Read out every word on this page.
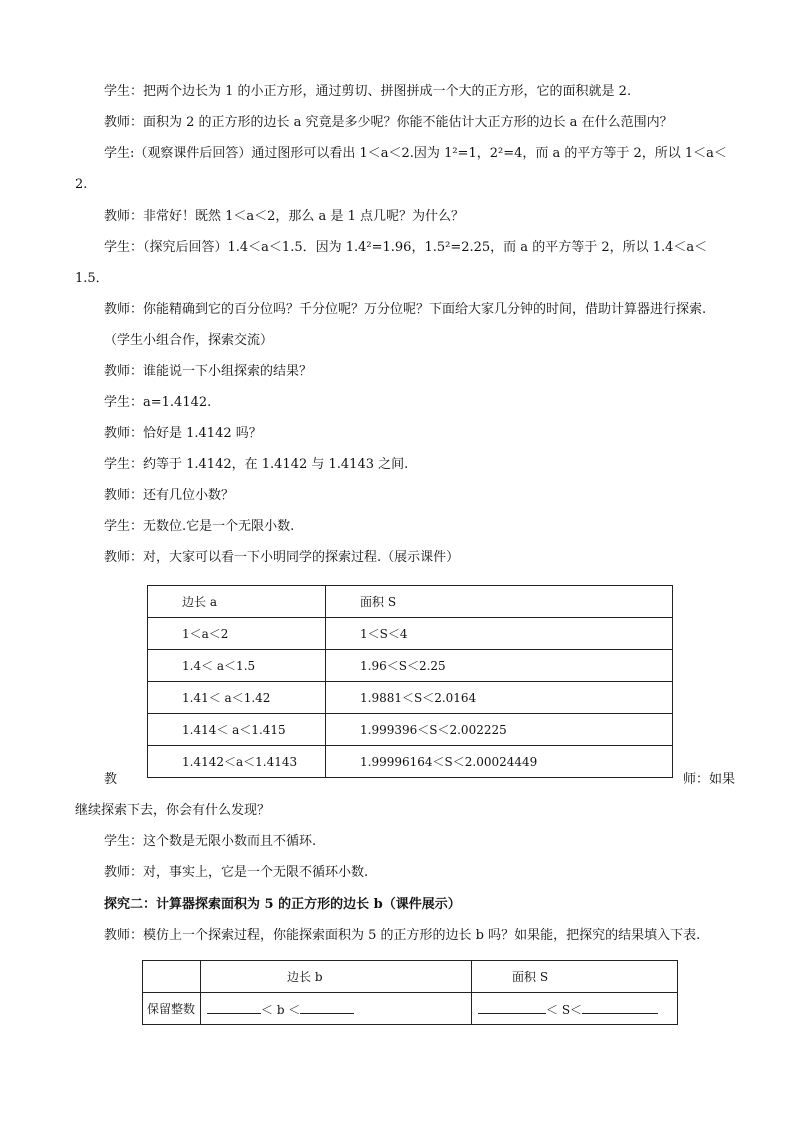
学生：把两个边长为 1 的小正方形，通过剪切、拼图拼成一个大的正方形，它的面积就是 2.
教师：面积为 2 的正方形的边长 a 究竟是多少呢？你能不能估计大正方形的边长 a 在什么范围内？
学生:（观察课件后回答）通过图形可以看出 1＜a＜2.因为 1²=1，2²=4，而 a 的平方等于 2，所以 1＜a＜
2.
教师：非常好！既然 1＜a＜2，那么 a 是 1 点几呢？为什么？
学生：（探究后回答）1.4＜a＜1.5．因为 1.4²=1.96，1.5²=2.25，而 a 的平方等于 2，所以 1.4＜a＜
1.5．
教师：你能精确到它的百分位吗？千分位呢？万分位呢？下面给大家几分钟的时间，借助计算器进行探索.
（学生小组合作，探索交流）
教师：谁能说一下小组探索的结果？
学生：a=1.4142.
教师：恰好是 1.4142 吗？
学生：约等于 1.4142，在 1.4142 与 1.4143 之间.
教师：还有几位小数？
学生：无数位.它是一个无限小数.
教师：对，大家可以看一下小明同学的探索过程.（展示课件）
边长 a	面积 S
1＜a＜2	1＜S＜4
1.4＜ a＜1.5	1.96＜S＜2.25
1.41＜ a＜1.42	1.9881＜S＜2.0164
1.414＜ a＜1.415	1.999396＜S＜2.002225
1.4142＜a＜1.4143	1.99996164＜S＜2.00024449
教	师：如果
继续探索下去，你会有什么发现？
学生：这个数是无限小数而且不循环.
教师：对，事实上，它是一个无限不循环小数.
探究二：计算器探索面积为 5 的正方形的边长 b（课件展示）
教师：模仿上一个探索过程，你能探索面积为 5 的正方形的边长 b 吗？如果能，把探究的结果填入下表.
	边长 b	面积 S
保留整数	＜ b ＜	＜ S＜
